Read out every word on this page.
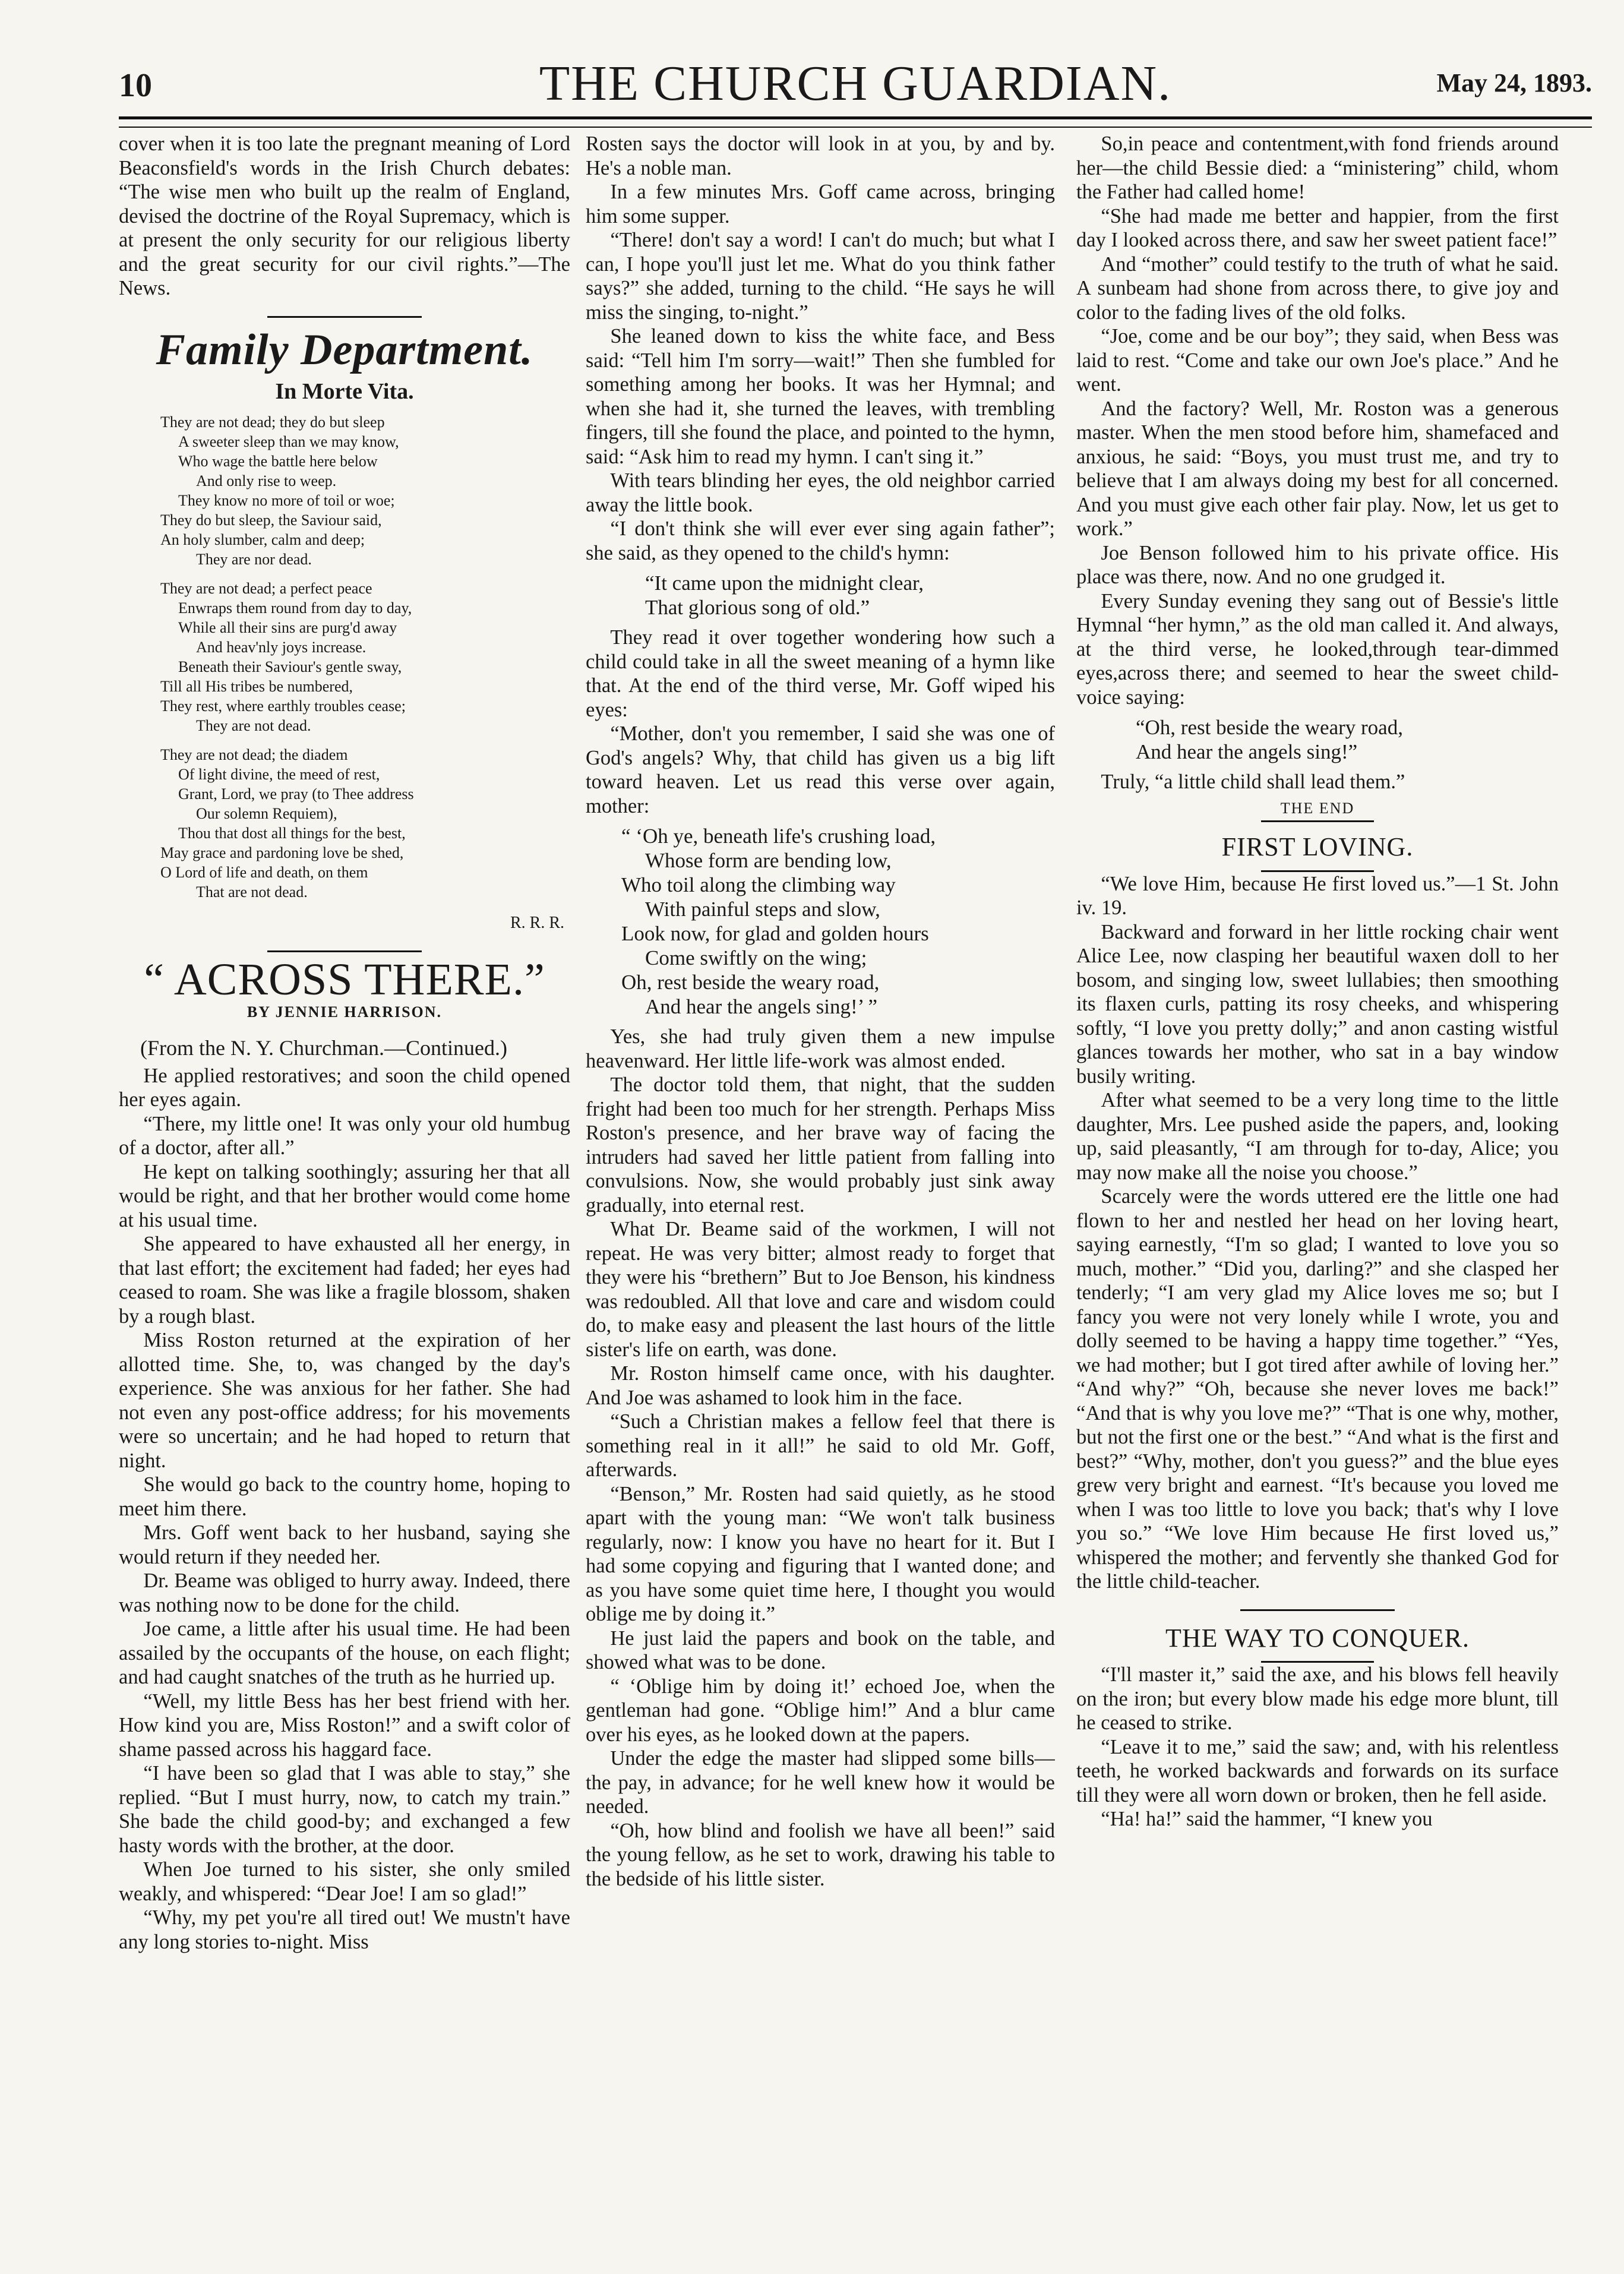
10	THE CHURCH GUARDIAN.	May 24, 1893.

cover when it is too late the pregnant meaning of Lord Beaconsfield's words in the Irish Church debates: “The wise men who built up the realm of England, devised the doctrine of the Royal Supremacy, which is at present the only security for our religious liberty and the great security for our civil rights.”—The News.

Family Department.
In Morte Vita.
They are not dead; they do but sleep
A sweeter sleep than we may know,
Who wage the battle here below
And only rise to weep.
They know no more of toil or woe;
They do but sleep, the Saviour said,
An holy slumber, calm and deep;
They are nor dead.
They are not dead; a perfect peace
Enwraps them round from day to day,
While all their sins are purg'd away
And heav'nly joys increase.
Beneath their Saviour's gentle sway,
Till all His tribes be numbered,
They rest, where earthly troubles cease;
They are not dead.
They are not dead; the diadem
Of light divine, the meed of rest,
Grant, Lord, we pray (to Thee address
Our solemn Requiem),
Thou that dost all things for the best,
May grace and pardoning love be shed,
O Lord of life and death, on them
That are not dead.
R. R. R.
“ ACROSS THERE.”
BY JENNIE HARRISON.
(From the N. Y. Churchman.—Continued.)

He applied restoratives; and soon the child opened her eyes again.

“There, my little one! It was only your old humbug of a doctor, after all.”

He kept on talking soothingly; assuring her that all would be right, and that her brother would come home at his usual time.

She appeared to have exhausted all her energy, in that last effort; the excitement had faded; her eyes had ceased to roam. She was like a fragile blossom, shaken by a rough blast.

Miss Roston returned at the expiration of her allotted time. She, to, was changed by the day's experience. She was anxious for her father. She had not even any post-office address; for his movements were so uncertain; and he had hoped to return that night.

She would go back to the country home, hoping to meet him there.

Mrs. Goff went back to her husband, saying she would return if they needed her.

Dr. Beame was obliged to hurry away. Indeed, there was nothing now to be done for the child.

Joe came, a little after his usual time. He had been assailed by the occupants of the house, on each flight; and had caught snatches of the truth as he hurried up.

“Well, my little Bess has her best friend with her. How kind you are, Miss Roston!” and a swift color of shame passed across his haggard face.

“I have been so glad that I was able to stay,” she replied. “But I must hurry, now, to catch my train.” She bade the child good-by; and exchanged a few hasty words with the brother, at the door.

When Joe turned to his sister, she only smiled weakly, and whispered: “Dear Joe! I am so glad!”

“Why, my pet you're all tired out! We mustn't have any long stories to-night. Miss

Rosten says the doctor will look in at you, by and by. He's a noble man.

In a few minutes Mrs. Goff came across, bringing him some supper.

“There! don't say a word! I can't do much; but what I can, I hope you'll just let me. What do you think father says?” she added, turning to the child. “He says he will miss the singing, to-night.”

She leaned down to kiss the white face, and Bess said: “Tell him I'm sorry—wait!” Then she fumbled for something among her books. It was her Hymnal; and when she had it, she turned the leaves, with trembling fingers, till she found the place, and pointed to the hymn, said: “Ask him to read my hymn. I can't sing it.”

With tears blinding her eyes, the old neighbor carried away the little book.

“I don't think she will ever ever sing again father”; she said, as they opened to the child's hymn:

“It came upon the midnight clear,
That glorious song of old.”

They read it over together wondering how such a child could take in all the sweet meaning of a hymn like that. At the end of the third verse, Mr. Goff wiped his eyes:

“Mother, don't you remember, I said she was one of God's angels? Why, that child has given us a big lift toward heaven. Let us read this verse over again, mother:

“ ‘Oh ye, beneath life's crushing load,
Whose form are bending low,
Who toil along the climbing way
With painful steps and slow,
Look now, for glad and golden hours
Come swiftly on the wing;
Oh, rest beside the weary road,
And hear the angels sing!’ ”

Yes, she had truly given them a new impulse heavenward. Her little life-work was almost ended.

The doctor told them, that night, that the sudden fright had been too much for her strength. Perhaps Miss Roston's presence, and her brave way of facing the intruders had saved her little patient from falling into convulsions. Now, she would probably just sink away gradually, into eternal rest.

What Dr. Beame said of the workmen, I will not repeat. He was very bitter; almost ready to forget that they were his “brethern” But to Joe Benson, his kindness was redoubled. All that love and care and wisdom could do, to make easy and pleasent the last hours of the little sister's life on earth, was done.

Mr. Roston himself came once, with his daughter. And Joe was ashamed to look him in the face.

“Such a Christian makes a fellow feel that there is something real in it all!” he said to old Mr. Goff, afterwards.

“Benson,” Mr. Rosten had said quietly, as he stood apart with the young man: “We won't talk business regularly, now: I know you have no heart for it. But I had some copying and figuring that I wanted done; and as you have some quiet time here, I thought you would oblige me by doing it.”

He just laid the papers and book on the table, and showed what was to be done.

“ ‘Oblige him by doing it!’ echoed Joe, when the gentleman had gone. “Oblige him!” And a blur came over his eyes, as he looked down at the papers.

Under the edge the master had slipped some bills—the pay, in advance; for he well knew how it would be needed.

“Oh, how blind and foolish we have all been!” said the young fellow, as he set to work, drawing his table to the bedside of his little sister.

So,in peace and contentment,with fond friends around her—the child Bessie died: a “ministering” child, whom the Father had called home!

“She had made me better and happier, from the first day I looked across there, and saw her sweet patient face!”

And “mother” could testify to the truth of what he said. A sunbeam had shone from across there, to give joy and color to the fading lives of the old folks.

“Joe, come and be our boy”; they said, when Bess was laid to rest. “Come and take our own Joe's place.” And he went.

And the factory? Well, Mr. Roston was a generous master. When the men stood before him, shamefaced and anxious, he said: “Boys, you must trust me, and try to believe that I am always doing my best for all concerned. And you must give each other fair play. Now, let us get to work.”

Joe Benson followed him to his private office. His place was there, now. And no one grudged it.

Every Sunday evening they sang out of Bessie's little Hymnal “her hymn,” as the old man called it. And always, at the third verse, he looked,through tear-dimmed eyes,across there; and seemed to hear the sweet child-voice saying:

“Oh, rest beside the weary road,
And hear the angels sing!”

Truly, “a little child shall lead them.”

THE END
FIRST LOVING.

“We love Him, because He first loved us.”—1 St. John iv. 19.

Backward and forward in her little rocking chair went Alice Lee, now clasping her beautiful waxen doll to her bosom, and singing low, sweet lullabies; then smoothing its flaxen curls, patting its rosy cheeks, and whispering softly, “I love you pretty dolly;” and anon casting wistful glances towards her mother, who sat in a bay window busily writing.

After what seemed to be a very long time to the little daughter, Mrs. Lee pushed aside the papers, and, looking up, said pleasantly, “I am through for to-day, Alice; you may now make all the noise you choose.”

Scarcely were the words uttered ere the little one had flown to her and nestled her head on her loving heart, saying earnestly, “I'm so glad; I wanted to love you so much, mother.” “Did you, darling?” and she clasped her tenderly; “I am very glad my Alice loves me so; but I fancy you were not very lonely while I wrote, you and dolly seemed to be having a happy time together.” “Yes, we had mother; but I got tired after awhile of loving her.” “And why?” “Oh, because she never loves me back!” “And that is why you love me?” “That is one why, mother, but not the first one or the best.” “And what is the first and best?” “Why, mother, don't you guess?” and the blue eyes grew very bright and earnest. “It's because you loved me when I was too little to love you back; that's why I love you so.” “We love Him because He first loved us,” whispered the mother; and fervently she thanked God for the little child-teacher.

THE WAY TO CONQUER.

“I'll master it,” said the axe, and his blows fell heavily on the iron; but every blow made his edge more blunt, till he ceased to strike.

“Leave it to me,” said the saw; and, with his relentless teeth, he worked backwards and forwards on its surface till they were all worn down or broken, then he fell aside.

“Ha! ha!” said the hammer, “I knew you
